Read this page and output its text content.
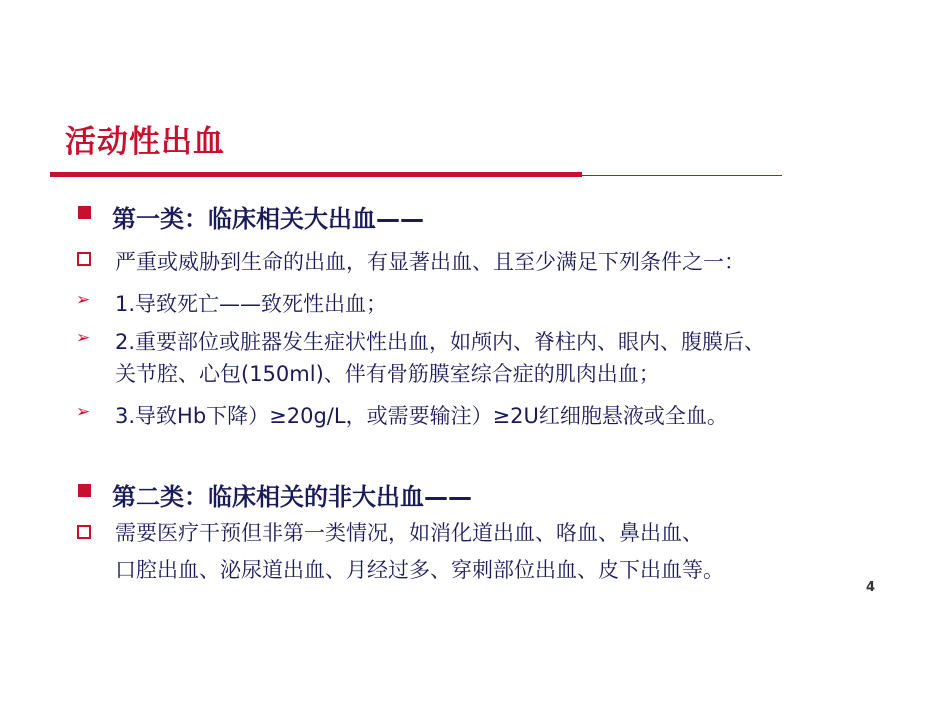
活动性出血
第一类：临床相关大出血——
严重或威胁到生命的出血，有显著出血、且至少满足下列条件之一：
➢ 1.导致死亡——致死性出血；
➢ 2.重要部位或脏器发生症状性出血，如颅内、脊柱内、眼内、腹膜后、
关节腔、心包(150ml)、伴有骨筋膜室综合症的肌肉出血；
➢ 3.导致Hb下降）≥20g/L，或需要输注）≥2U红细胞悬液或全血。
第二类：临床相关的非大出血——
需要医疗干预但非第一类情况，如消化道出血、咯血、鼻出血、
口腔出血、泌尿道出血、月经过多、穿刺部位出血、皮下出血等。
4
